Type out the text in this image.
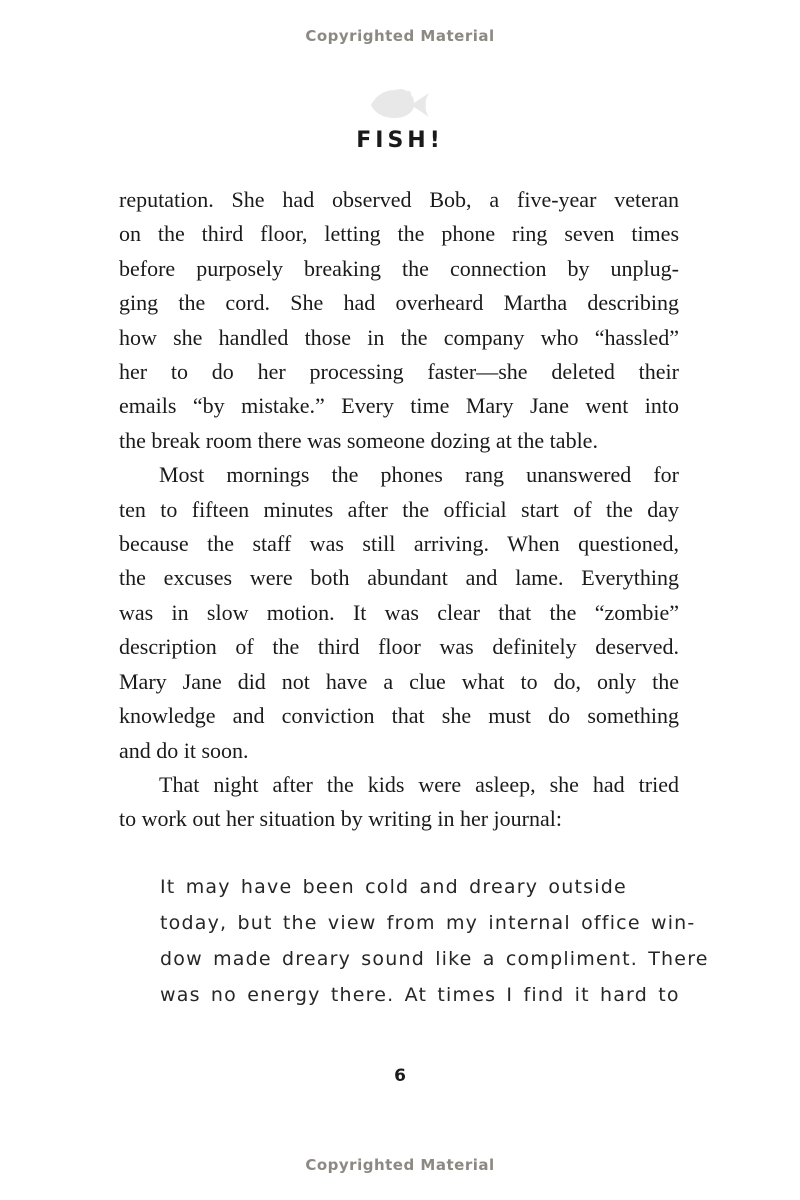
Copyrighted Material
FISH!
reputation. She had observed Bob, a five-year veteran
on the third floor, letting the phone ring seven times
before purposely breaking the connection by unplug-
ging the cord. She had overheard Martha describing
how she handled those in the company who “hassled”
her to do her processing faster—she deleted their
emails “by mistake.” Every time Mary Jane went into
the break room there was someone dozing at the table.
Most mornings the phones rang unanswered for
ten to fifteen minutes after the official start of the day
because the staff was still arriving. When questioned,
the excuses were both abundant and lame. Everything
was in slow motion. It was clear that the “zombie”
description of the third floor was definitely deserved.
Mary Jane did not have a clue what to do, only the
knowledge and conviction that she must do something
and do it soon.
That night after the kids were asleep, she had tried
to work out her situation by writing in her journal:
It may have been cold and dreary outside
today, but the view from my internal office win-
dow made dreary sound like a compliment. There
was no energy there. At times I find it hard to
6
Copyrighted Material
